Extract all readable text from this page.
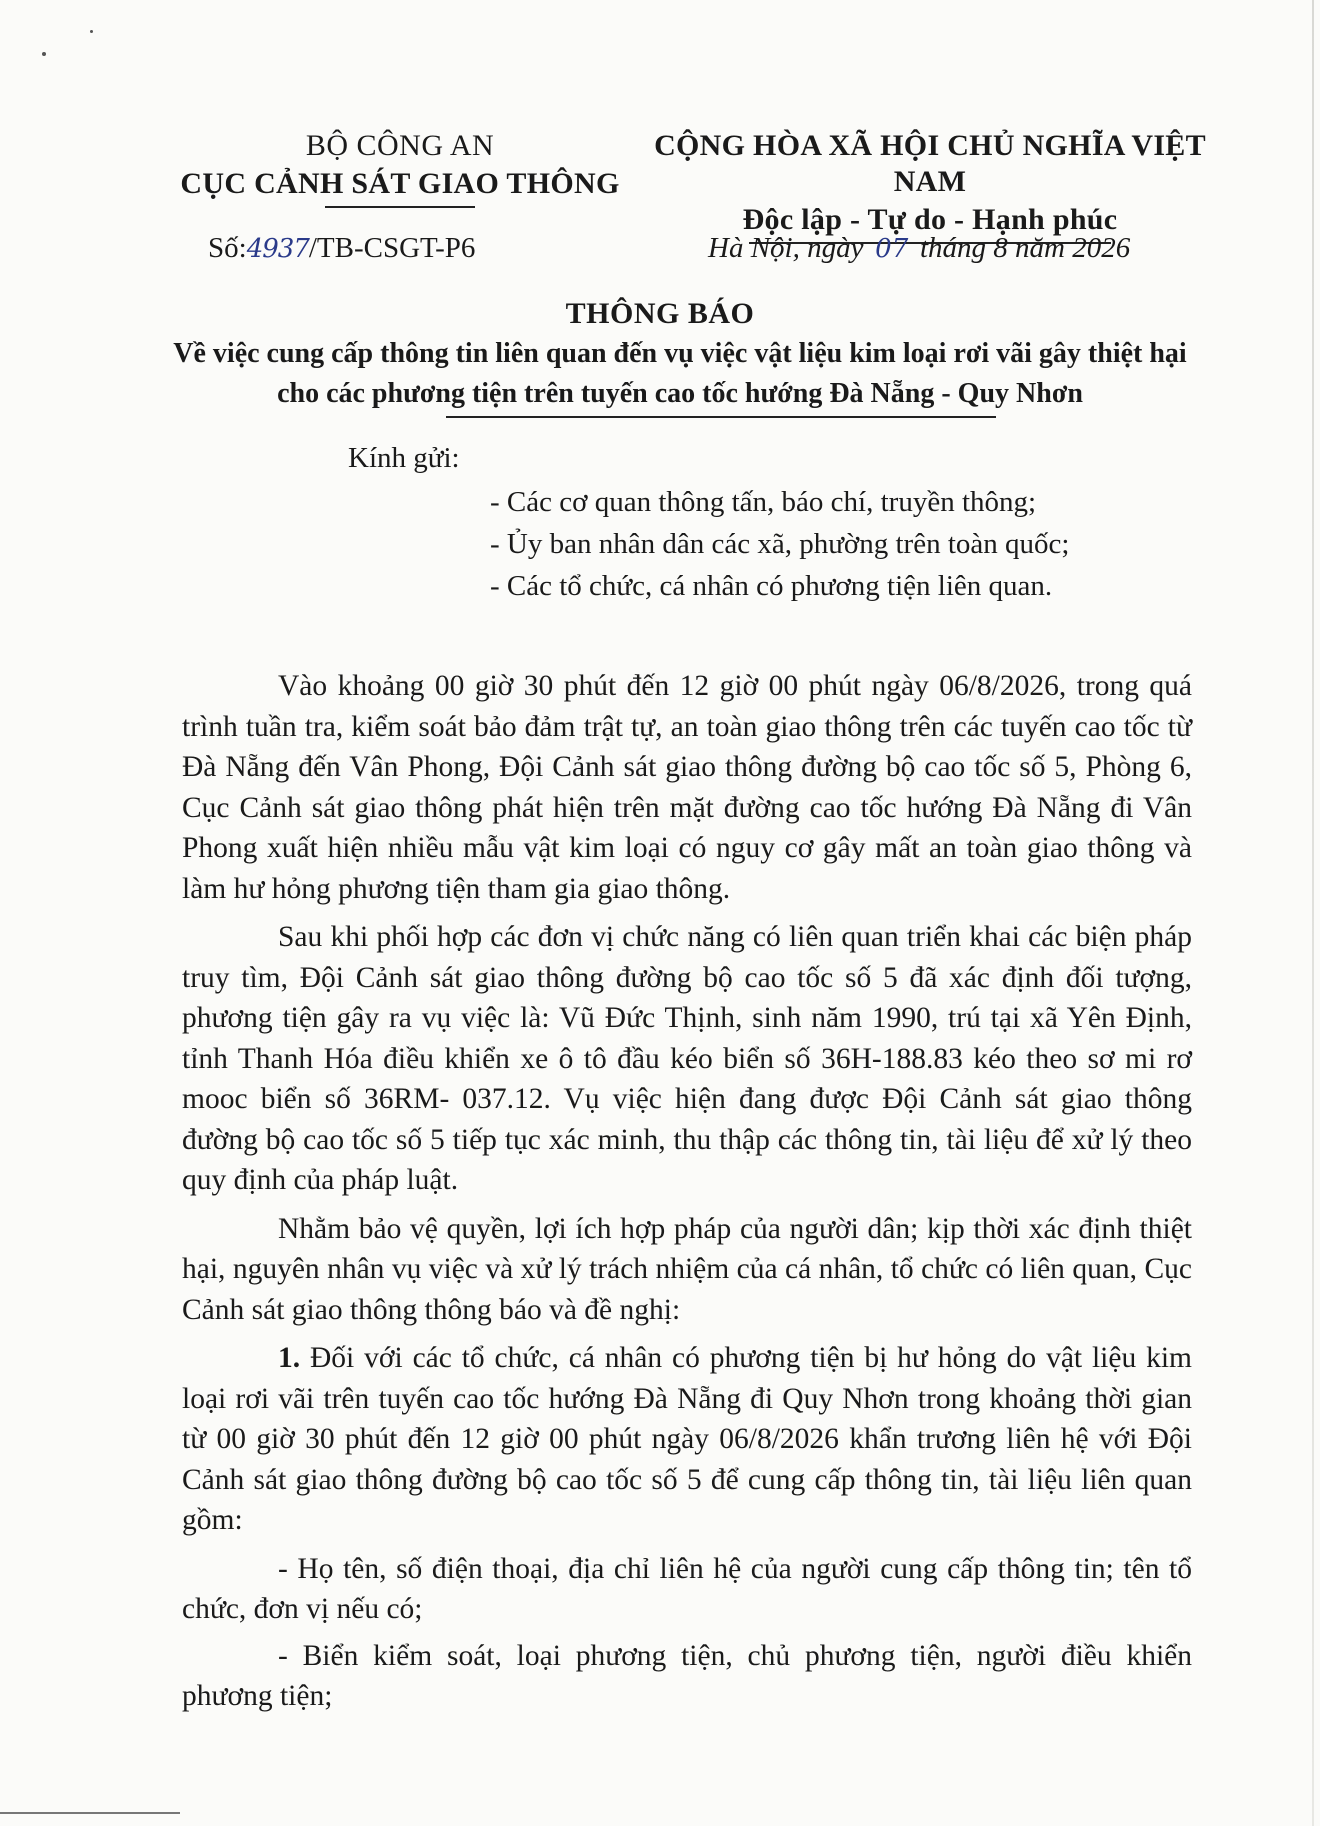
BỘ CÔNG AN
CỤC CẢNH SÁT GIAO THÔNG
CỘNG HÒA XÃ HỘI CHỦ NGHĨA VIỆT NAM
Độc lập - Tự do - Hạnh phúc
Số:4937/TB-CSGT-P6	Hà Nội, ngày 07 tháng 8 năm 2026
THÔNG BÁO
Về việc cung cấp thông tin liên quan đến vụ việc vật liệu kim loại rơi vãi gây thiệt hại cho các phương tiện trên tuyến cao tốc hướng Đà Nẵng - Quy Nhơn
Kính gửi:
- Các cơ quan thông tấn, báo chí, truyền thông;
- Ủy ban nhân dân các xã, phường trên toàn quốc;
- Các tổ chức, cá nhân có phương tiện liên quan.

Vào khoảng 00 giờ 30 phút đến 12 giờ 00 phút ngày 06/8/2026, trong quá trình tuần tra, kiểm soát bảo đảm trật tự, an toàn giao thông trên các tuyến cao tốc từ Đà Nẵng đến Vân Phong, Đội Cảnh sát giao thông đường bộ cao tốc số 5, Phòng 6, Cục Cảnh sát giao thông phát hiện trên mặt đường cao tốc hướng Đà Nẵng đi Vân Phong xuất hiện nhiều mẫu vật kim loại có nguy cơ gây mất an toàn giao thông và làm hư hỏng phương tiện tham gia giao thông.

Sau khi phối hợp các đơn vị chức năng có liên quan triển khai các biện pháp truy tìm, Đội Cảnh sát giao thông đường bộ cao tốc số 5 đã xác định đối tượng, phương tiện gây ra vụ việc là: Vũ Đức Thịnh, sinh năm 1990, trú tại xã Yên Định, tỉnh Thanh Hóa điều khiển xe ô tô đầu kéo biển số 36H-188.83 kéo theo sơ mi rơ mooc biển số 36RM- 037.12. Vụ việc hiện đang được Đội Cảnh sát giao thông đường bộ cao tốc số 5 tiếp tục xác minh, thu thập các thông tin, tài liệu để xử lý theo quy định của pháp luật.

Nhằm bảo vệ quyền, lợi ích hợp pháp của người dân; kịp thời xác định thiệt hại, nguyên nhân vụ việc và xử lý trách nhiệm của cá nhân, tổ chức có liên quan, Cục Cảnh sát giao thông thông báo và đề nghị:

1. Đối với các tổ chức, cá nhân có phương tiện bị hư hỏng do vật liệu kim loại rơi vãi trên tuyến cao tốc hướng Đà Nẵng đi Quy Nhơn trong khoảng thời gian từ 00 giờ 30 phút đến 12 giờ 00 phút ngày 06/8/2026 khẩn trương liên hệ với Đội Cảnh sát giao thông đường bộ cao tốc số 5 để cung cấp thông tin, tài liệu liên quan gồm:

- Họ tên, số điện thoại, địa chỉ liên hệ của người cung cấp thông tin; tên tổ chức, đơn vị nếu có;

- Biển kiểm soát, loại phương tiện, chủ phương tiện, người điều khiển phương tiện;
